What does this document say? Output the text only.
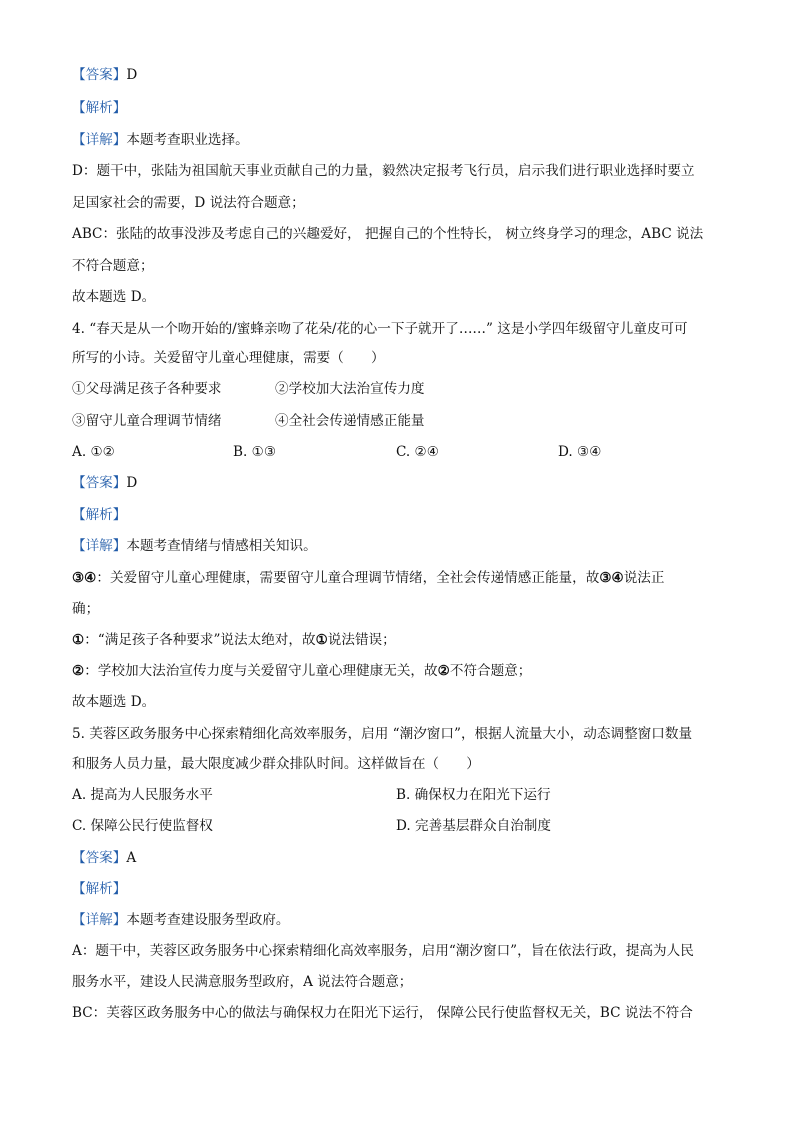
【答案】D
【解析】
【详解】本题考查职业选择。
D：题干中，张陆为祖国航天事业贡献自己的力量，毅然决定报考飞行员，启示我们进行职业选择时要立
足国家社会的需要，D 说法符合题意；
ABC：张陆的故事没涉及考虑自己的兴趣爱好， 把握自己的个性特长， 树立终身学习的理念，ABC 说法
不符合题意；
故本题选 D。
4. “春天是从一个吻开始的/蜜蜂亲吻了花朵/花的心一下子就开了……” 这是小学四年级留守儿童皮可可
所写的小诗。关爱留守儿童心理健康，需要（　　）
①父母满足孩子各种要求	②学校加大法治宣传力度
③留守儿童合理调节情绪	④全社会传递情感正能量
A. ①②	B. ①③	C. ②④	D. ③④
【答案】D
【解析】
【详解】本题考查情绪与情感相关知识。
③④：关爱留守儿童心理健康，需要留守儿童合理调节情绪，全社会传递情感正能量，故③④说法正
确；
①：“满足孩子各种要求”说法太绝对，故①说法错误；
②：学校加大法治宣传力度与关爱留守儿童心理健康无关，故②不符合题意；
故本题选 D。
5. 芙蓉区政务服务中心探索精细化高效率服务，启用 “潮汐窗口”，根据人流量大小，动态调整窗口数量
和服务人员力量，最大限度减少群众排队时间。这样做旨在（　　）
A. 提高为人民服务水平	B. 确保权力在阳光下运行
C. 保障公民行使监督权	D. 完善基层群众自治制度
【答案】A
【解析】
【详解】本题考查建设服务型政府。
A：题干中，芙蓉区政务服务中心探索精细化高效率服务，启用“潮汐窗口”，旨在依法行政，提高为人民
服务水平，建设人民满意服务型政府，A 说法符合题意；
BC：芙蓉区政务服务中心的做法与确保权力在阳光下运行， 保障公民行使监督权无关，BC 说法不符合
